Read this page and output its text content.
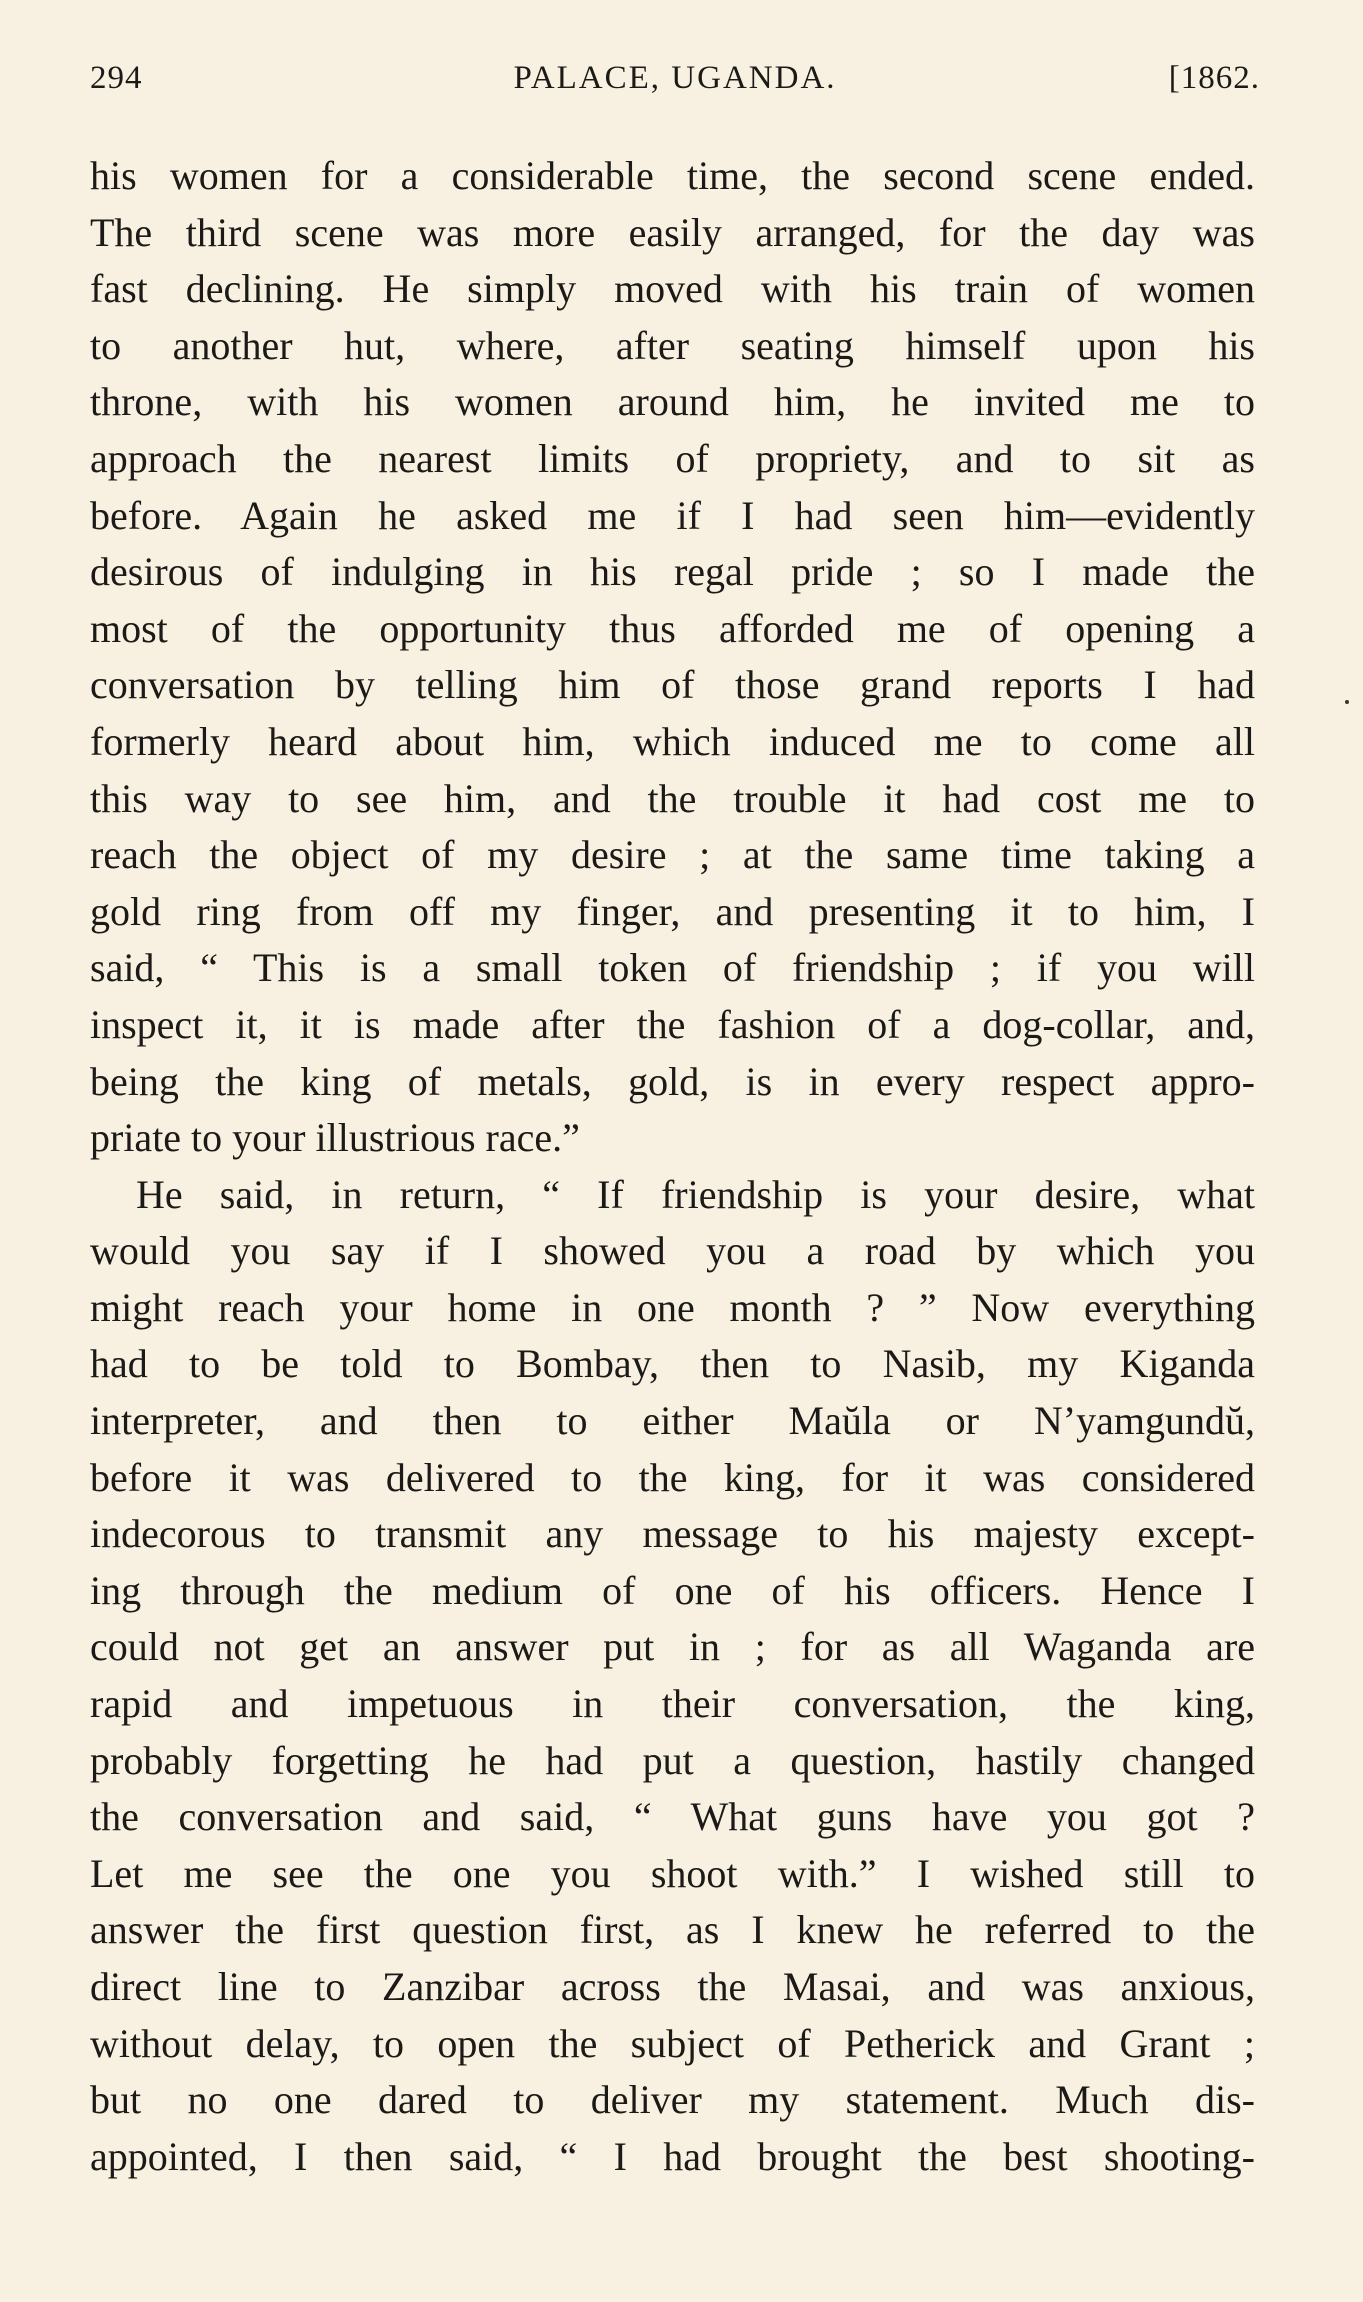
294	PALACE, UGANDA.	[1862.
his women for a considerable time, the second scene ended.
The third scene was more easily arranged, for the day was
fast declining. He simply moved with his train of women
to another hut, where, after seating himself upon his
throne, with his women around him, he invited me to
approach the nearest limits of propriety, and to sit as
before. Again he asked me if I had seen him—evidently
desirous of indulging in his regal pride ; so I made the
most of the opportunity thus afforded me of opening a
conversation by telling him of those grand reports I had
formerly heard about him, which induced me to come all
this way to see him, and the trouble it had cost me to
reach the object of my desire ; at the same time taking a
gold ring from off my finger, and presenting it to him, I
said, “ This is a small token of friendship ; if you will
inspect it, it is made after the fashion of a dog-collar, and,
being the king of metals, gold, is in every respect appro-
priate to your illustrious race.”
He said, in return, “ If friendship is your desire, what
would you say if I showed you a road by which you
might reach your home in one month ? ” Now everything
had to be told to Bombay, then to Nasib, my Kiganda
interpreter, and then to either Maŭla or N’yamgundŭ,
before it was delivered to the king, for it was considered
indecorous to transmit any message to his majesty except-
ing through the medium of one of his officers. Hence I
could not get an answer put in ; for as all Waganda are
rapid and impetuous in their conversation, the king,
probably forgetting he had put a question, hastily changed
the conversation and said, “ What guns have you got ?
Let me see the one you shoot with.” I wished still to
answer the first question first, as I knew he referred to the
direct line to Zanzibar across the Masai, and was anxious,
without delay, to open the subject of Petherick and Grant ;
but no one dared to deliver my statement. Much dis-
appointed, I then said, “ I had brought the best shooting-
